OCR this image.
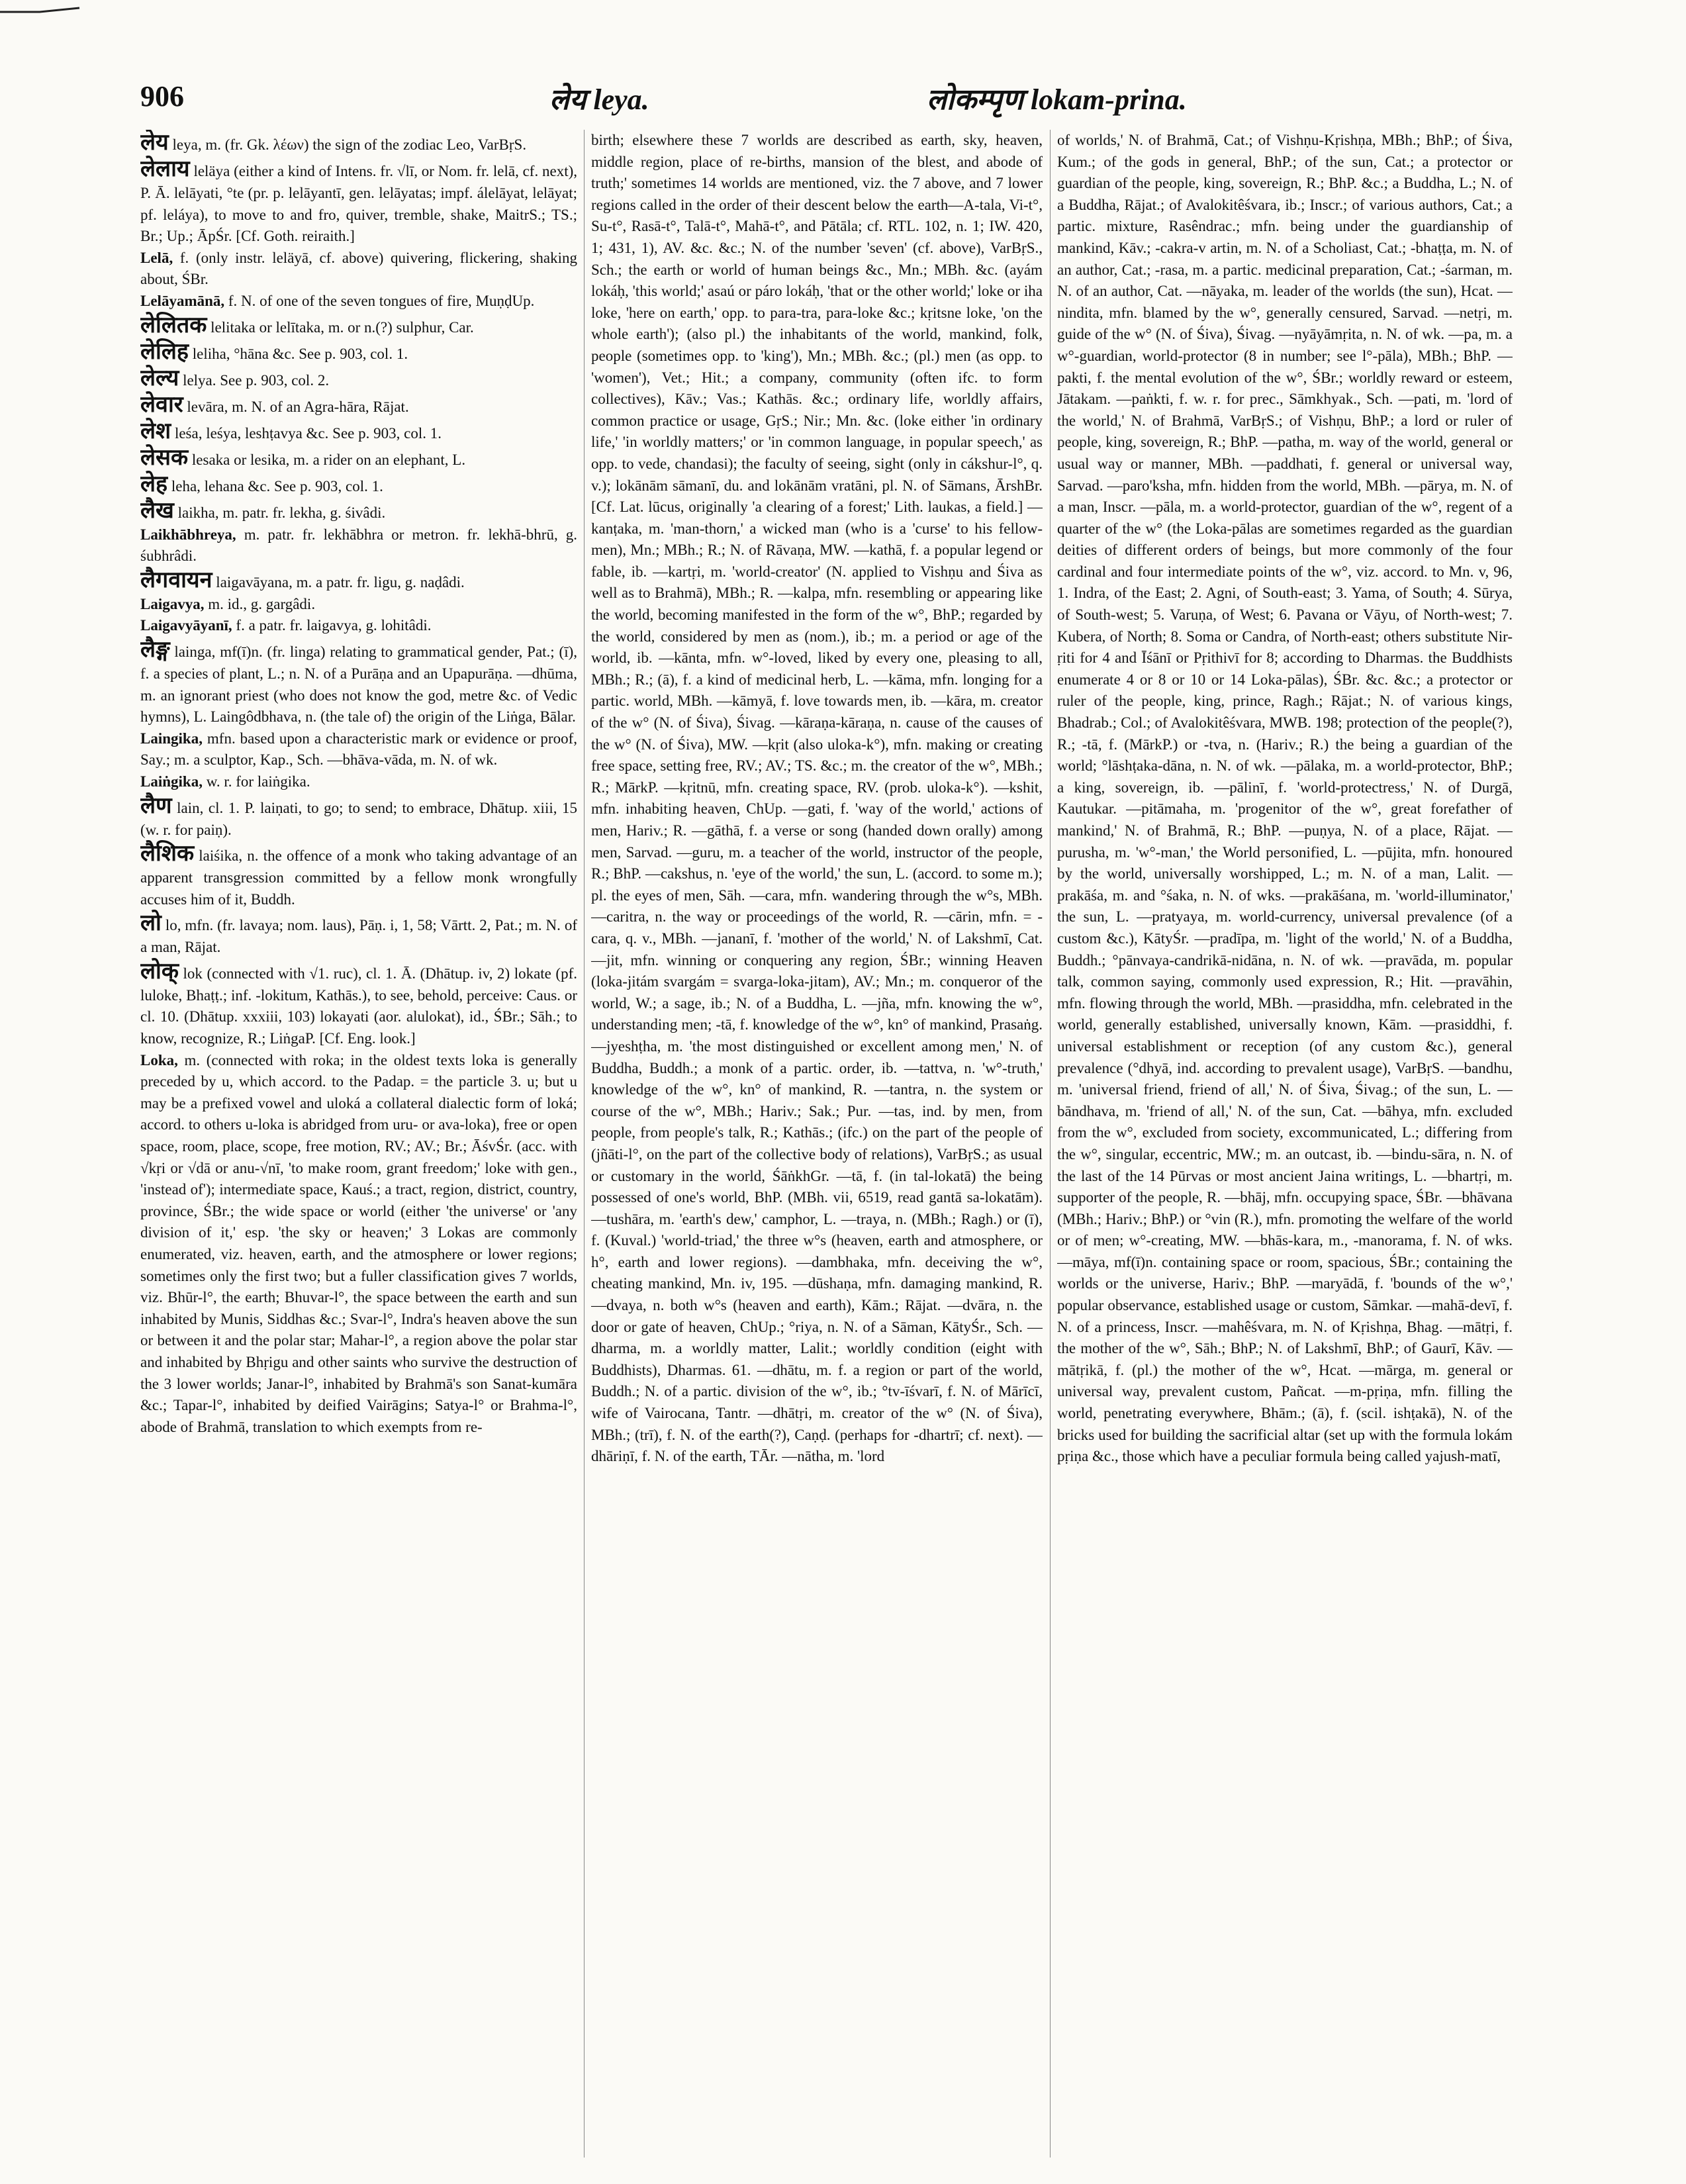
906	लेय leya.	लोकम्पृण lokam-prina.

लेय leya, m. (fr. Gk. λέων) the sign of the zodiac Leo, VarBṛS.

लेलाय leläya (either a kind of Intens. fr. √lī, or Nom. fr. lelā, cf. next), P. Ā. lelāyati, °te (pr. p. lelāyantī, gen. lelāyatas; impf. álelāyat, lelāyat; pf. leláya), to move to and fro, quiver, tremble, shake, MaitrS.; TS.; Br.; Up.; ĀpŚr. [Cf. Goth. reiraith.]

Lelā, f. (only instr. leläyā, cf. above) quivering, flickering, shaking about, ŚBr.

Lelāyamānā, f. N. of one of the seven tongues of fire, MuṇḍUp.

लेलितक lelitaka or lelītaka, m. or n.(?) sulphur, Car.

लेलिह leliha, °hāna &c. See p. 903, col. 1.

लेल्य lelya. See p. 903, col. 2.

लेवार levāra, m. N. of an Agra-hāra, Rājat.

लेश leśa, leśya, leshṭavya &c. See p. 903, col. 1.

लेसक lesaka or lesika, m. a rider on an elephant, L.

लेह leha, lehana &c. See p. 903, col. 1.

लैख laikha, m. patr. fr. lekha, g. śivâdi.

Laikhābhreya, m. patr. fr. lekhābhra or metron. fr. lekhā-bhrū, g. śubhrâdi.

लैगवायन laigavāyana, m. a patr. fr. ligu, g. naḍâdi.

Laigavya, m. id., g. gargâdi.

Laigavyāyanī, f. a patr. fr. laigavya, g. lohitâdi.

लैङ्ग lainga, mf(ī)n. (fr. linga) relating to grammatical gender, Pat.; (ī), f. a species of plant, L.; n. N. of a Purāṇa and an Upapurāṇa. —dhūma, m. an ignorant priest (who does not know the god, metre &c. of Vedic hymns), L. Laingôdbhava, n. (the tale of) the origin of the Liṅga, Bālar.

Laingika, mfn. based upon a characteristic mark or evidence or proof, Say.; m. a sculptor, Kap., Sch. —bhāva-vāda, m. N. of wk.

Laiṅgika, w. r. for laiṅgika.

लैण lain, cl. 1. P. laiṇati, to go; to send; to embrace, Dhātup. xiii, 15 (w. r. for paiṇ).

लैशिक laiśika, n. the offence of a monk who taking advantage of an apparent transgression committed by a fellow monk wrongfully accuses him of it, Buddh.

लो lo, mfn. (fr. lavaya; nom. laus), Pāṇ. i, 1, 58; Vārtt. 2, Pat.; m. N. of a man, Rājat.

लोक् lok (connected with √1. ruc), cl. 1. Ā. (Dhātup. iv, 2) lokate (pf. luloke, Bhaṭṭ.; inf. -lokitum, Kathās.), to see, behold, perceive: Caus. or cl. 10. (Dhātup. xxxiii, 103) lokayati (aor. alulokat), id., ŚBr.; Sāh.; to know, recognize, R.; LiṅgaP. [Cf. Eng. look.]

Loka, m. (connected with roka; in the oldest texts loka is generally preceded by u, which accord. to the Padap. = the particle 3. u; but u may be a prefixed vowel and uloká a collateral dialectic form of loká; accord. to others u-loka is abridged from uru- or ava-loka), free or open space, room, place, scope, free motion, RV.; AV.; Br.; ĀśvŚr. (acc. with √kṛi or √dā or anu-√nī, 'to make room, grant freedom;' loke with gen., 'instead of'); intermediate space, Kauś.; a tract, region, district, country, province, ŚBr.; the wide space or world (either 'the universe' or 'any division of it,' esp. 'the sky or heaven;' 3 Lokas are commonly enumerated, viz. heaven, earth, and the atmosphere or lower regions; sometimes only the first two; but a fuller classification gives 7 worlds, viz. Bhūr-l°, the earth; Bhuvar-l°, the space between the earth and sun inhabited by Munis, Siddhas &c.; Svar-l°, Indra's heaven above the sun or between it and the polar star; Mahar-l°, a region above the polar star and inhabited by Bhṛigu and other saints who survive the destruction of the 3 lower worlds; Janar-l°, inhabited by Brahmā's son Sanat-kumāra &c.; Tapar-l°, inhabited by deified Vairāgins; Satya-l° or Brahma-l°, abode of Brahmā, translation to which exempts from re-

birth; elsewhere these 7 worlds are described as earth, sky, heaven, middle region, place of re-births, mansion of the blest, and abode of truth;' sometimes 14 worlds are mentioned, viz. the 7 above, and 7 lower regions called in the order of their descent below the earth—A-tala, Vi-t°, Su-t°, Rasā-t°, Talā-t°, Mahā-t°, and Pātāla; cf. RTL. 102, n. 1; IW. 420, 1; 431, 1), AV. &c. &c.; N. of the number 'seven' (cf. above), VarBṛS., Sch.; the earth or world of human beings &c., Mn.; MBh. &c. (ayám lokáḥ, 'this world;' asaú or páro lokáḥ, 'that or the other world;' loke or iha loke, 'here on earth,' opp. to para-tra, para-loke &c.; kṛitsne loke, 'on the whole earth'); (also pl.) the inhabitants of the world, mankind, folk, people (sometimes opp. to 'king'), Mn.; MBh. &c.; (pl.) men (as opp. to 'women'), Vet.; Hit.; a company, community (often ifc. to form collectives), Kāv.; Vas.; Kathās. &c.; ordinary life, worldly affairs, common practice or usage, GṛS.; Nir.; Mn. &c. (loke either 'in ordinary life,' 'in worldly matters;' or 'in common language, in popular speech,' as opp. to vede, chandasi); the faculty of seeing, sight (only in cákshur-l°, q. v.); lokānām sāmanī, du. and lokānām vratāni, pl. N. of Sāmans, ĀrshBr. [Cf. Lat. lūcus, originally 'a clearing of a forest;' Lith. laukas, a field.] —kanṭaka, m. 'man-thorn,' a wicked man (who is a 'curse' to his fellow-men), Mn.; MBh.; R.; N. of Rāvaṇa, MW. —kathā, f. a popular legend or fable, ib. —kartṛi, m. 'world-creator' (N. applied to Vishṇu and Śiva as well as to Brahmā), MBh.; R. —kalpa, mfn. resembling or appearing like the world, becoming manifested in the form of the w°, BhP.; regarded by the world, considered by men as (nom.), ib.; m. a period or age of the world, ib. —kānta, mfn. w°-loved, liked by every one, pleasing to all, MBh.; R.; (ā), f. a kind of medicinal herb, L. —kāma, mfn. longing for a partic. world, MBh. —kāmyā, f. love towards men, ib. —kāra, m. creator of the w° (N. of Śiva), Śivag. —kāraṇa-kāraṇa, n. cause of the causes of the w° (N. of Śiva), MW. —kṛit (also uloka-k°), mfn. making or creating free space, setting free, RV.; AV.; TS. &c.; m. the creator of the w°, MBh.; R.; MārkP. —kṛitnū, mfn. creating space, RV. (prob. uloka-k°). —kshit, mfn. inhabiting heaven, ChUp. —gati, f. 'way of the world,' actions of men, Hariv.; R. —gāthā, f. a verse or song (handed down orally) among men, Sarvad. —guru, m. a teacher of the world, instructor of the people, R.; BhP. —cakshus, n. 'eye of the world,' the sun, L. (accord. to some m.); pl. the eyes of men, Sāh. —cara, mfn. wandering through the w°s, MBh. —caritra, n. the way or proceedings of the world, R. —cārin, mfn. = -cara, q. v., MBh. —jananī, f. 'mother of the world,' N. of Lakshmī, Cat. —jit, mfn. winning or conquering any region, ŚBr.; winning Heaven (loka-jitám svargám = svarga-loka-jitam), AV.; Mn.; m. conqueror of the world, W.; a sage, ib.; N. of a Buddha, L. —jña, mfn. knowing the w°, understanding men; -tā, f. knowledge of the w°, kn° of mankind, Prasaṅg. —jyeshṭha, m. 'the most distinguished or excellent among men,' N. of Buddha, Buddh.; a monk of a partic. order, ib. —tattva, n. 'w°-truth,' knowledge of the w°, kn° of mankind, R. —tantra, n. the system or course of the w°, MBh.; Hariv.; Sak.; Pur. —tas, ind. by men, from people, from people's talk, R.; Kathās.; (ifc.) on the part of the people of (jñāti-l°, on the part of the collective body of relations), VarBṛS.; as usual or customary in the world, ŚāṅkhGr. —tā, f. (in tal-lokatā) the being possessed of one's world, BhP. (MBh. vii, 6519, read gantā sa-lokatām). —tushāra, m. 'earth's dew,' camphor, L. —traya, n. (MBh.; Ragh.) or (ī), f. (Kuval.) 'world-triad,' the three w°s (heaven, earth and atmosphere, or h°, earth and lower regions). —dambhaka, mfn. deceiving the w°, cheating mankind, Mn. iv, 195. —dūshaṇa, mfn. damaging mankind, R. —dvaya, n. both w°s (heaven and earth), Kām.; Rājat. —dvāra, n. the door or gate of heaven, ChUp.; °riya, n. N. of a Sāman, KātyŚr., Sch. —dharma, m. a worldly matter, Lalit.; worldly condition (eight with Buddhists), Dharmas. 61. —dhātu, m. f. a region or part of the world, Buddh.; N. of a partic. division of the w°, ib.; °tv-īśvarī, f. N. of Mārīcī, wife of Vairocana, Tantr. —dhātṛi, m. creator of the w° (N. of Śiva), MBh.; (trī), f. N. of the earth(?), Caṇḍ. (perhaps for -dhartrī; cf. next). —dhāriṇī, f. N. of the earth, TĀr. —nātha, m. 'lord

of worlds,' N. of Brahmā, Cat.; of Vishṇu-Kṛishṇa, MBh.; BhP.; of Śiva, Kum.; of the gods in general, BhP.; of the sun, Cat.; a protector or guardian of the people, king, sovereign, R.; BhP. &c.; a Buddha, L.; N. of a Buddha, Rājat.; of Avalokitêśvara, ib.; Inscr.; of various authors, Cat.; a partic. mixture, Rasêndrac.; mfn. being under the guardianship of mankind, Kāv.; -cakra-v artin, m. N. of a Scholiast, Cat.; -bhaṭṭa, m. N. of an author, Cat.; -rasa, m. a partic. medicinal preparation, Cat.; -śarman, m. N. of an author, Cat. —nāyaka, m. leader of the worlds (the sun), Hcat. —nindita, mfn. blamed by the w°, generally censured, Sarvad. —netṛi, m. guide of the w° (N. of Śiva), Śivag. —nyāyāmṛita, n. N. of wk. —pa, m. a w°-guardian, world-protector (8 in number; see l°-pāla), MBh.; BhP. —pakti, f. the mental evolution of the w°, ŚBr.; worldly reward or esteem, Jātakam. —paṅkti, f. w. r. for prec., Sāmkhyak., Sch. —pati, m. 'lord of the world,' N. of Brahmā, VarBṛS.; of Vishṇu, BhP.; a lord or ruler of people, king, sovereign, R.; BhP. —patha, m. way of the world, general or usual way or manner, MBh. —paddhati, f. general or universal way, Sarvad. —paro'ksha, mfn. hidden from the world, MBh. —pārya, m. N. of a man, Inscr. —pāla, m. a world-protector, guardian of the w°, regent of a quarter of the w° (the Loka-pālas are sometimes regarded as the guardian deities of different orders of beings, but more commonly of the four cardinal and four intermediate points of the w°, viz. accord. to Mn. v, 96, 1. Indra, of the East; 2. Agni, of South-east; 3. Yama, of South; 4. Sūrya, of South-west; 5. Varuṇa, of West; 6. Pavana or Vāyu, of North-west; 7. Kubera, of North; 8. Soma or Candra, of North-east; others substitute Nir-ṛiti for 4 and Īśānī or Pṛithivī for 8; according to Dharmas. the Buddhists enumerate 4 or 8 or 10 or 14 Loka-pālas), ŚBr. &c. &c.; a protector or ruler of the people, king, prince, Ragh.; Rājat.; N. of various kings, Bhadrab.; Col.; of Avalokitêśvara, MWB. 198; protection of the people(?), R.; -tā, f. (MārkP.) or -tva, n. (Hariv.; R.) the being a guardian of the world; °lāshṭaka-dāna, n. N. of wk. —pālaka, m. a world-protector, BhP.; a king, sovereign, ib. —pālinī, f. 'world-protectress,' N. of Durgā, Kautukar. —pitāmaha, m. 'progenitor of the w°, great forefather of mankind,' N. of Brahmā, R.; BhP. —puṇya, N. of a place, Rājat. —purusha, m. 'w°-man,' the World personified, L. —pūjita, mfn. honoured by the world, universally worshipped, L.; m. N. of a man, Lalit. —prakāśa, m. and °śaka, n. N. of wks. —prakāśana, m. 'world-illuminator,' the sun, L. —pratyaya, m. world-currency, universal prevalence (of a custom &c.), KātyŚr. —pradīpa, m. 'light of the world,' N. of a Buddha, Buddh.; °pānvaya-candrikā-nidāna, n. N. of wk. —pravāda, m. popular talk, common saying, commonly used expression, R.; Hit. —pravāhin, mfn. flowing through the world, MBh. —prasiddha, mfn. celebrated in the world, generally established, universally known, Kām. —prasiddhi, f. universal establishment or reception (of any custom &c.), general prevalence (°dhyā, ind. according to prevalent usage), VarBṛS. —bandhu, m. 'universal friend, friend of all,' N. of Śiva, Śivag.; of the sun, L. —bāndhava, m. 'friend of all,' N. of the sun, Cat. —bāhya, mfn. excluded from the w°, excluded from society, excommunicated, L.; differing from the w°, singular, eccentric, MW.; m. an outcast, ib. —bindu-sāra, n. N. of the last of the 14 Pūrvas or most ancient Jaina writings, L. —bhartṛi, m. supporter of the people, R. —bhāj, mfn. occupying space, ŚBr. —bhāvana (MBh.; Hariv.; BhP.) or °vin (R.), mfn. promoting the welfare of the world or of men; w°-creating, MW. —bhās-kara, m., -manorama, f. N. of wks. —māya, mf(ī)n. containing space or room, spacious, ŚBr.; containing the worlds or the universe, Hariv.; BhP. —maryādā, f. 'bounds of the w°,' popular observance, established usage or custom, Sāmkar. —mahā-devī, f. N. of a princess, Inscr. —mahêśvara, m. N. of Kṛishṇa, Bhag. —mātṛi, f. the mother of the w°, Sāh.; BhP.; N. of Lakshmī, BhP.; of Gaurī, Kāv. —mātṛikā, f. (pl.) the mother of the w°, Hcat. —mārga, m. general or universal way, prevalent custom, Pañcat. —m-pṛiṇa, mfn. filling the world, penetrating everywhere, Bhām.; (ā), f. (scil. ishṭakā), N. of the bricks used for building the sacrificial altar (set up with the formula lokám pṛiṇa &c., those which have a peculiar formula being called yajush-matī,
